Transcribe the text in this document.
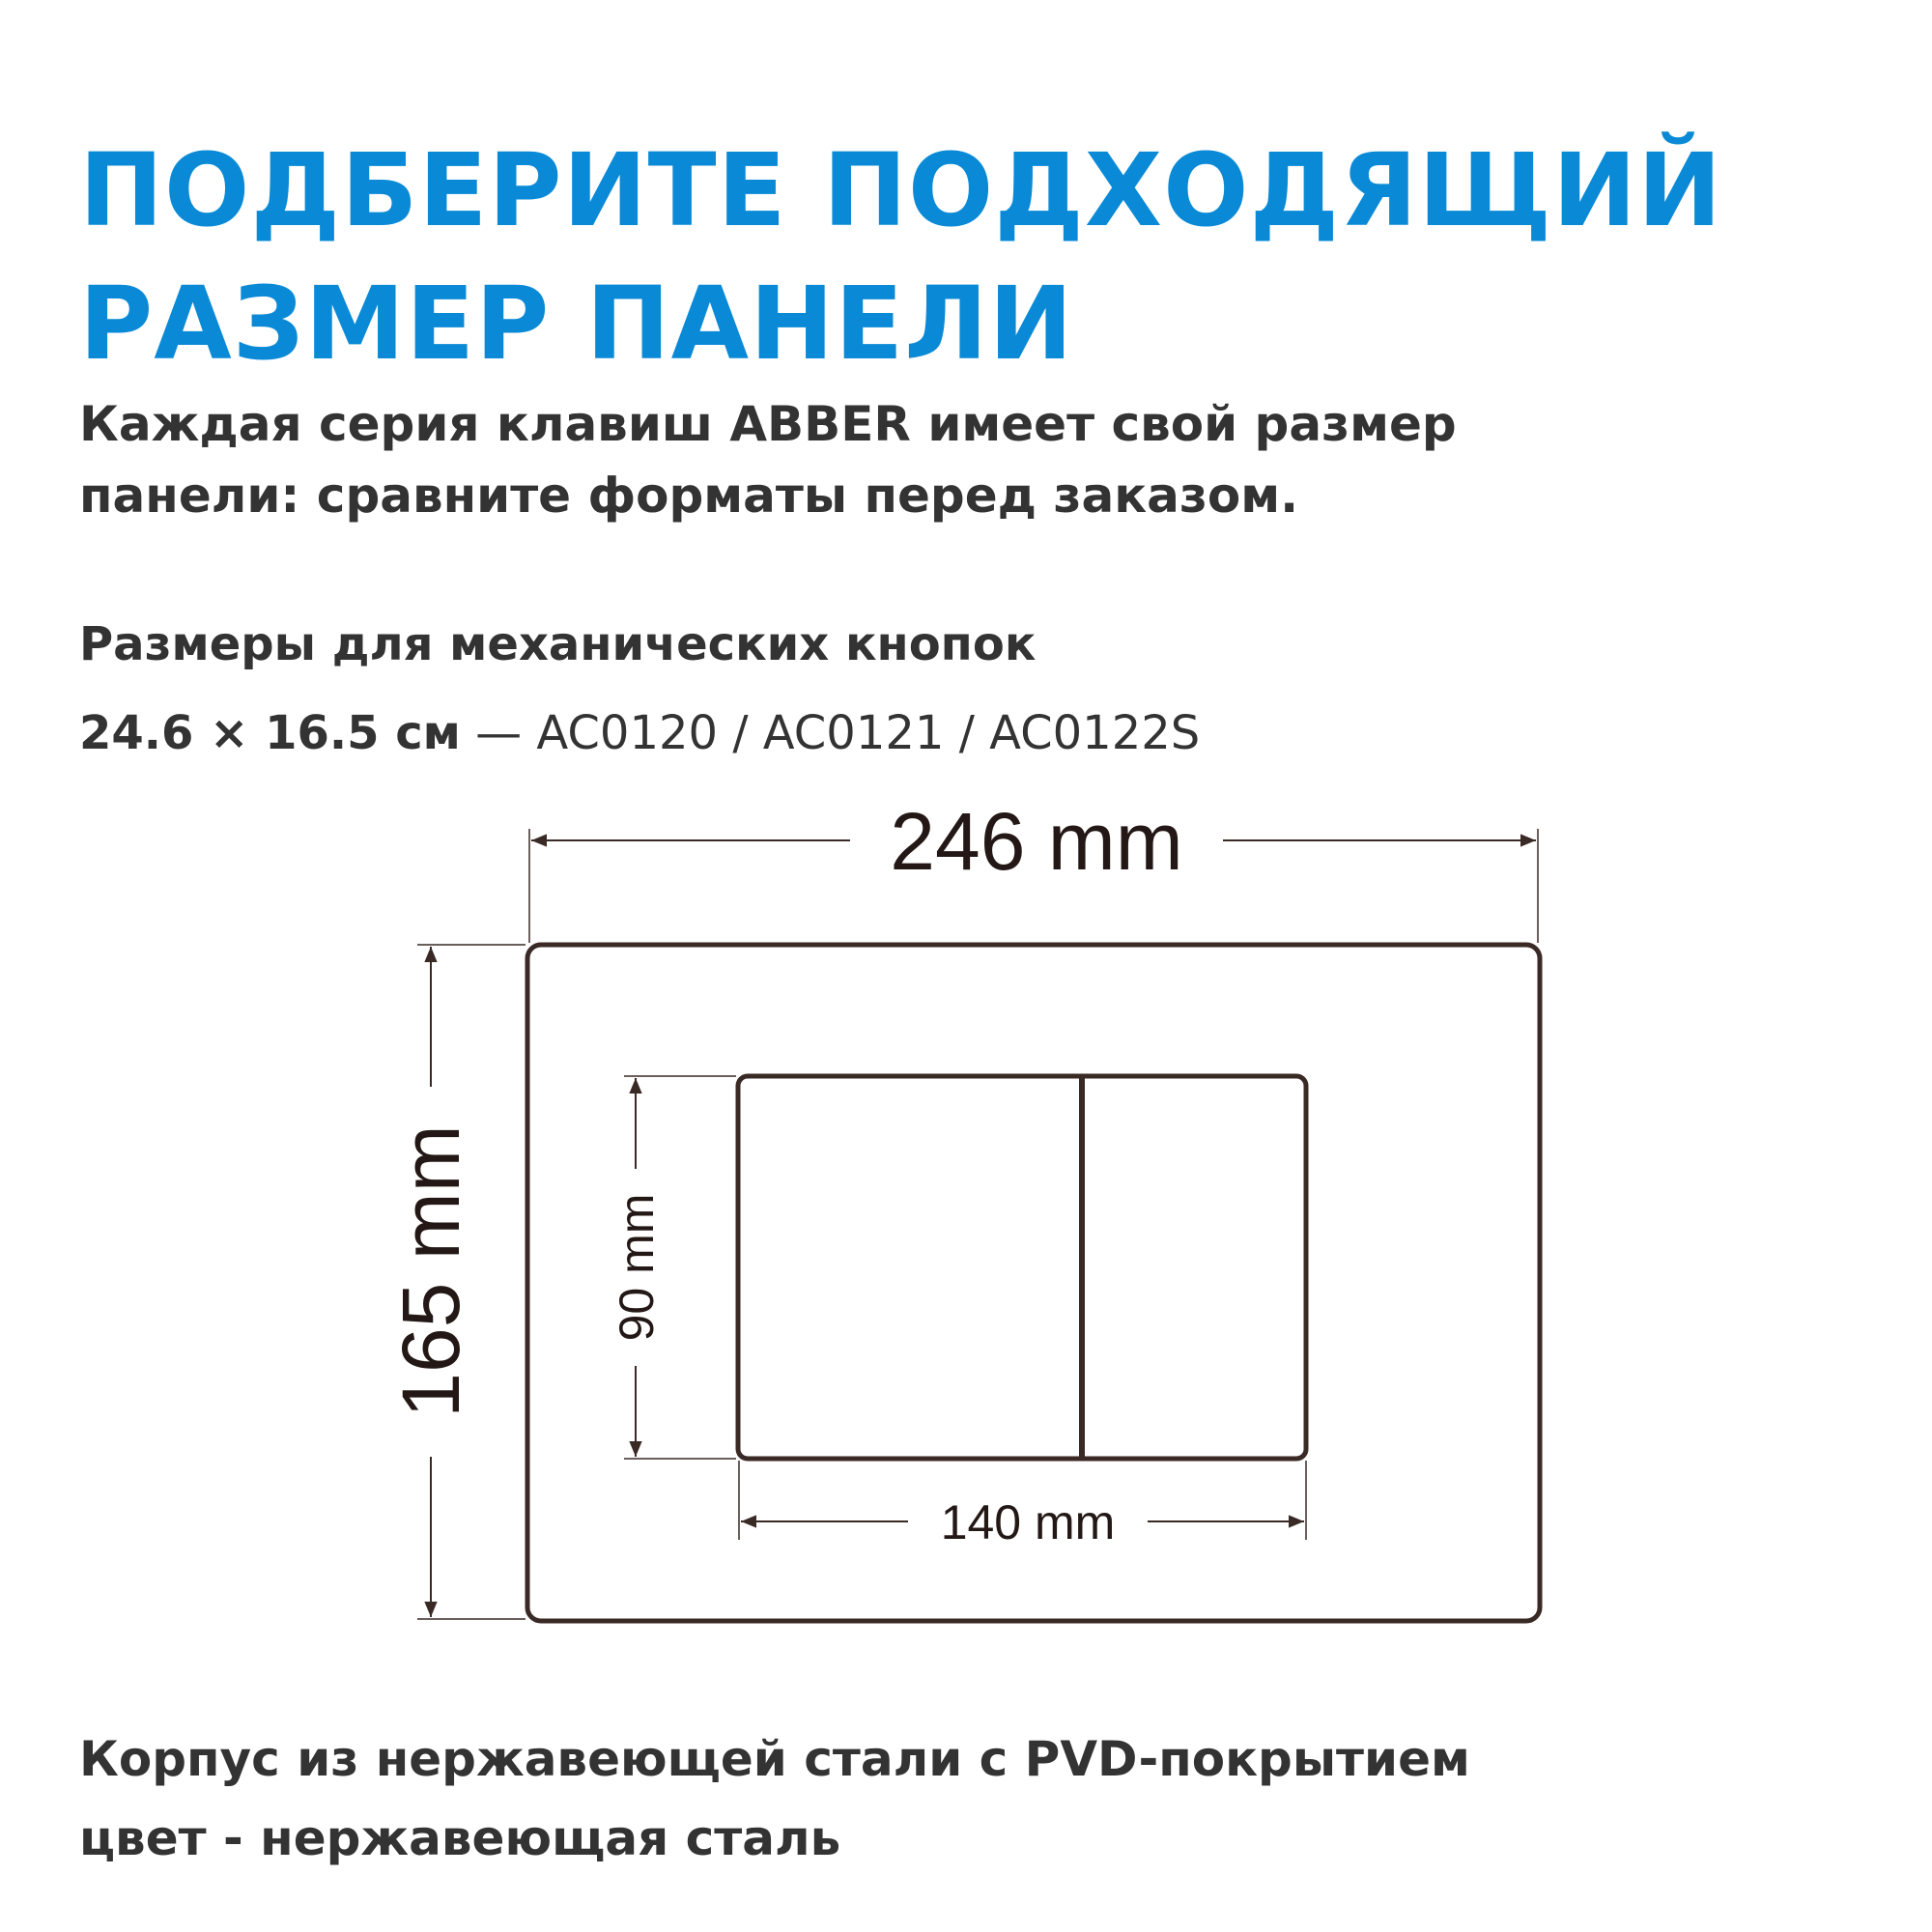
ПОДБЕРИТЕ ПОДХОДЯЩИЙ
РАЗМЕР ПАНЕЛИ

Каждая серия клавиш ABBER имеет свой размер
панели: сравните форматы перед заказом.

Размеры для механических кнопок
24.6 × 16.5 см — AC0120 / AC0121 / AC0122S
246 mm
165 mm	90 mm
140 mm
Корпус из нержавеющей стали с PVD-покрытием
цвет - нержавеющая сталь
